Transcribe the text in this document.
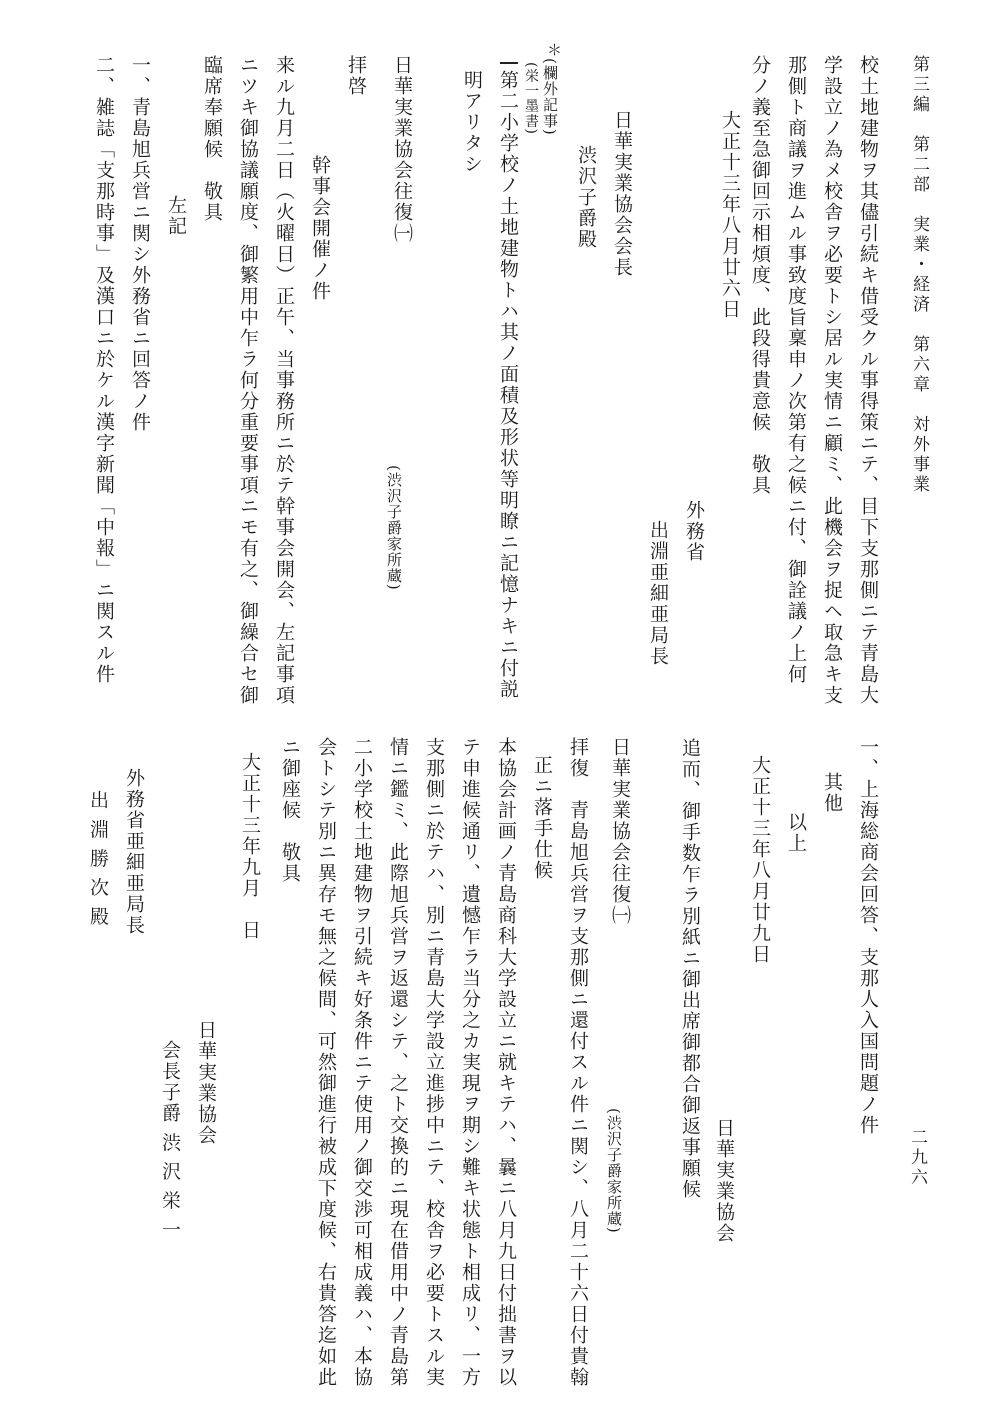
第三編　第二部　実業・経済　第六章　対外事業
二九六
校土地建物ヲ其儘引続キ借受クル事得策ニテ、目下支那側ニテ青島大
学設立ノ為メ校舎ヲ必要トシ居ル実情ニ顧ミ、此機会ヲ捉ヘ取急キ支
那側ト商議ヲ進ムル事致度旨稟申ノ次第有之候ニ付、御詮議ノ上何
分ノ義至急御回示相煩度、此段得貴意候　敬具
大正十三年八月廿六日
外務省
出淵亜細亜局長
日華実業協会会長
渋沢子爵殿
＊
(欄外記事)
(栄一墨書)
第二小学校ノ土地建物トハ其ノ面積及形状等明瞭ニ記憶ナキニ付説
明アリタシ
(渋沢子爵家所蔵)
日華実業協会往復㈠
拝啓
幹事会開催ノ件
来ル九月二日（火曜日）正午、当事務所ニ於テ幹事会開会、左記事項
ニツキ御協議願度、御繁用中乍ラ何分重要事項ニモ有之、御繰合セ御
臨席奉願候　敬具
左記
一、青島旭兵営ニ関シ外務省ニ回答ノ件
二、雑誌「支那時事」及漢口ニ於ケル漢字新聞「中報」ニ関スル件
一、上海総商会回答、支那人入国問題ノ件
其他
以上
大正十三年八月廿九日
日華実業協会
追而、御手数乍ラ別紙ニ御出席御都合御返事願候
(渋沢子爵家所蔵)
日華実業協会往復㈠
拝復　青島旭兵営ヲ支那側ニ還付スル件ニ関シ、八月二十六日付貴翰
正ニ落手仕候
本協会計画ノ青島商科大学設立ニ就キテハ、曩ニ八月九日付拙書ヲ以
テ申進候通リ、遺憾乍ラ当分之カ実現ヲ期シ難キ状態ト相成リ、一方
支那側ニ於テハ、別ニ青島大学設立進捗中ニテ、校舎ヲ必要トスル実
情ニ鑑ミ、此際旭兵営ヲ返還シテ、之ト交換的ニ現在借用中ノ青島第
二小学校土地建物ヲ引続キ好条件ニテ使用ノ御交渉可相成義ハ、本協
会トシテ別ニ異存モ無之候間、可然御進行被成下度候、右貴答迄如此
ニ御座候　敬具
大正十三年九月　日
日華実業協会
会長子爵 渋 沢 栄 一
外務省亜細亜局長
出 淵 勝 次 殿
